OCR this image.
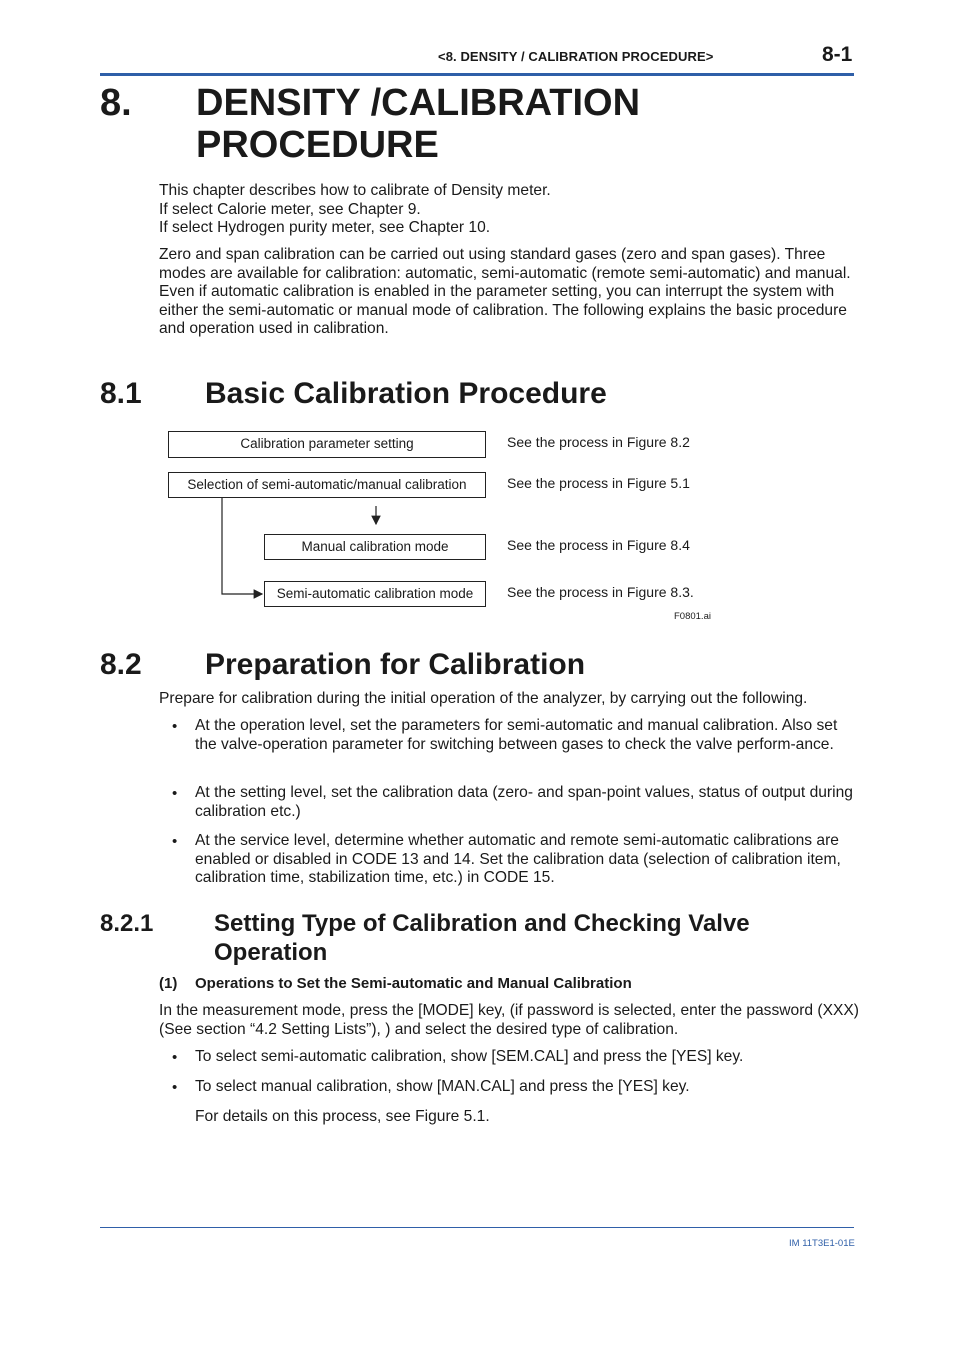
<8. DENSITY / CALIBRATION PROCEDURE>	8-1
8. DENSITY /CALIBRATION PROCEDURE
This chapter describes how to calibrate of Density meter.
If select Calorie meter, see Chapter 9.
If select Hydrogen purity meter, see Chapter 10.
Zero and span calibration can be carried out using standard gases (zero and span gases). Three modes are available for calibration: automatic, semi-automatic (remote semi-automatic) and manual. Even if automatic calibration is enabled in the parameter setting, you can interrupt the system with either the semi-automatic or manual mode of calibration. The following explains the basic procedure and operation used in calibration.
8.1 Basic Calibration Procedure
Calibration parameter setting
Selection of semi-automatic/manual calibration
Manual calibration mode
Semi-automatic calibration mode
See the process in Figure 8.2
See the process in Figure 5.1
See the process in Figure 8.4
See the process in Figure 8.3.
F0801.ai
8.2 Preparation for Calibration
Prepare for calibration during the initial operation of the analyzer, by carrying out the following.
• At the operation level, set the parameters for semi-automatic and manual calibration. Also set the valve-operation parameter for switching between gases to check the valve perform-ance.
• At the setting level, set the calibration data (zero- and span-point values, status of output during calibration etc.)
• At the service level, determine whether automatic and remote semi-automatic calibrations are enabled or disabled in CODE 13 and 14. Set the calibration data (selection of calibration item, calibration time, stabilization time, etc.) in CODE 15.
8.2.1	Setting Type of Calibration and Checking Valve Operation
(1) Operations to Set the Semi-automatic and Manual Calibration
In the measurement mode, press the [MODE] key, (if password is selected, enter the password (XXX) (See section “4.2 Setting Lists”), ) and select the desired type of calibration.
• To select semi-automatic calibration, show [SEM.CAL] and press the [YES] key.
• To select manual calibration, show [MAN.CAL] and press the [YES] key.
For details on this process, see Figure 5.1.
IM 11T3E1-01E
